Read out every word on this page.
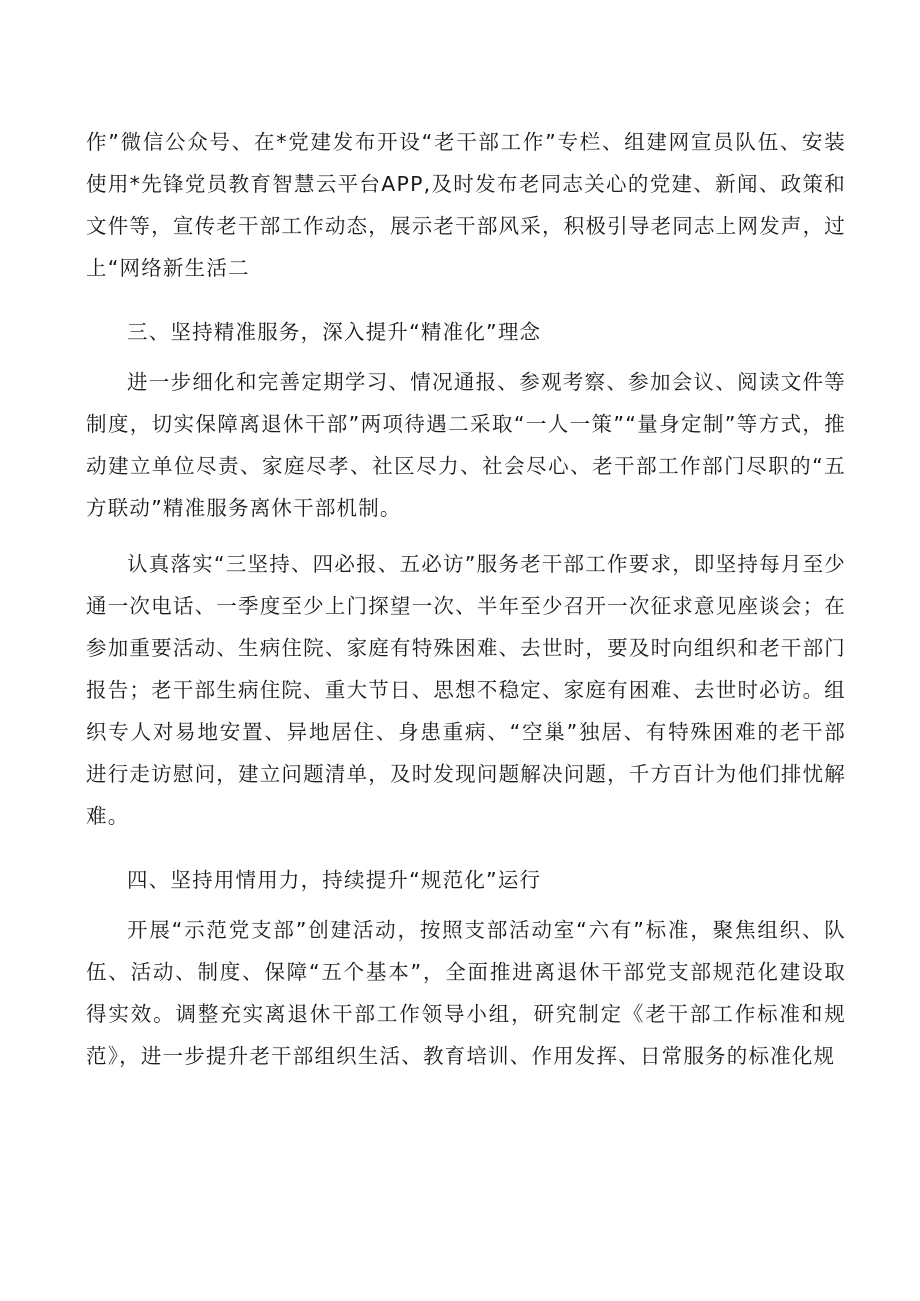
作”微信公众号、在*党建发布开设“老干部工作”专栏、组建网宣员队伍、安装使用*先锋党员教育智慧云平台APP,及时发布老同志关心的党建、新闻、政策和文件等，宣传老干部工作动态，展示老干部风采，积极引导老同志上网发声，过上“网络新生活二

三、坚持精准服务，深入提升“精准化”理念

进一步细化和完善定期学习、情况通报、参观考察、参加会议、阅读文件等制度，切实保障离退休干部”两项待遇二采取“一人一策”“量身定制”等方式，推动建立单位尽责、家庭尽孝、社区尽力、社会尽心、老干部工作部门尽职的“五方联动”精准服务离休干部机制。

认真落实“三坚持、四必报、五必访”服务老干部工作要求，即坚持每月至少通一次电话、一季度至少上门探望一次、半年至少召开一次征求意见座谈会；在参加重要活动、生病住院、家庭有特殊困难、去世时，要及时向组织和老干部门报告；老干部生病住院、重大节日、思想不稳定、家庭有困难、去世时必访。组织专人对易地安置、异地居住、身患重病、“空巢”独居、有特殊困难的老干部进行走访慰问，建立问题清单，及时发现问题解决问题，千方百计为他们排忧解难。

四、坚持用情用力，持续提升“规范化”运行

开展“示范党支部”创建活动，按照支部活动室“六有”标准，聚焦组织、队伍、活动、制度、保障“五个基本”，全面推进离退休干部党支部规范化建设取得实效。调整充实离退休干部工作领导小组，研究制定《老干部工作标准和规范》，进一步提升老干部组织生活、教育培训、作用发挥、日常服务的标准化规
